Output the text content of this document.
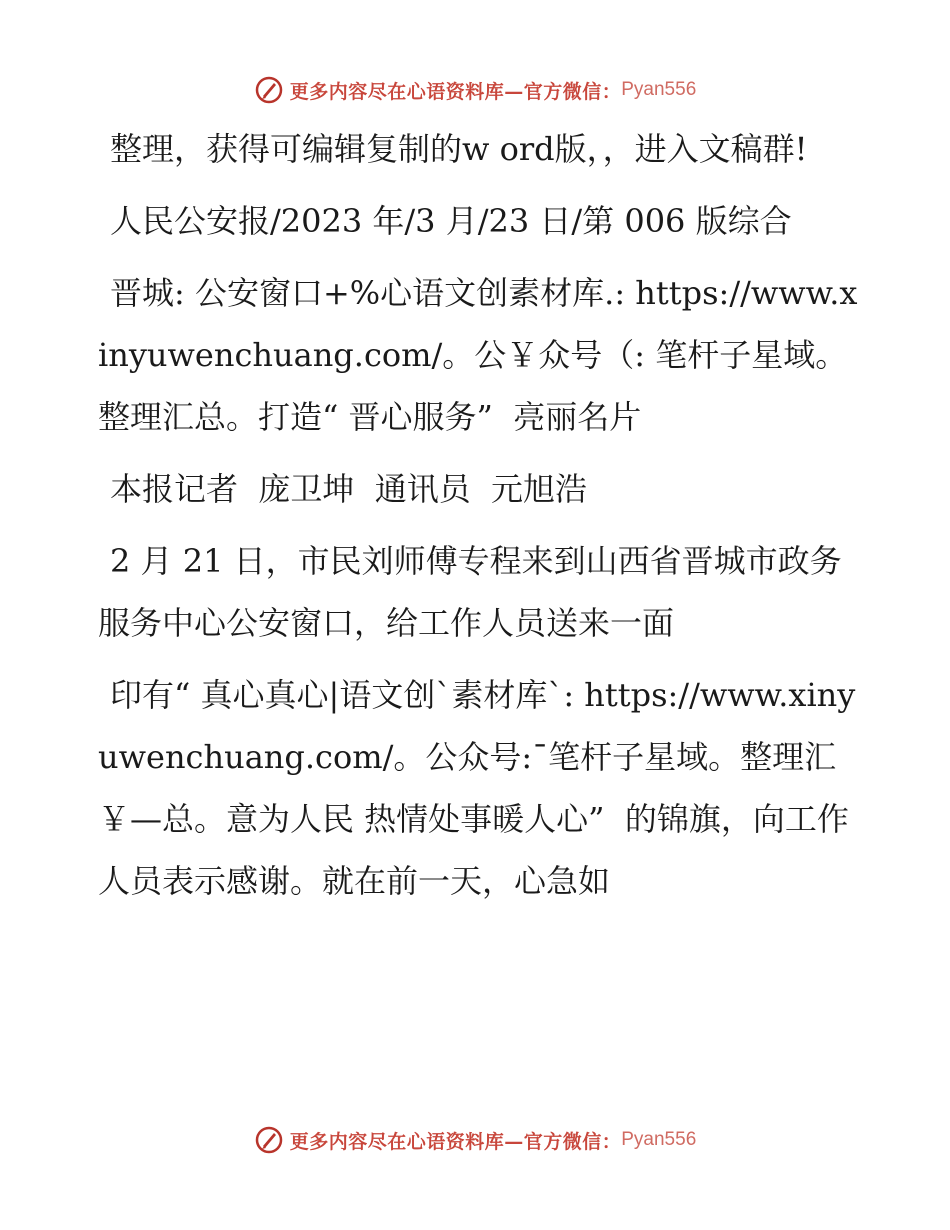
更多内容尽在心语资料库—官方微信： Pyan556

整理，获得可编辑复制的w ord版，，进入文稿群!

人民公安报/2023 年/3 月/23 日/第 006 版综合

晋城: 公安窗口+%心语文创素材库.: https://www.xinyuwenchuang.com/。公￥众号（: 笔杆子星域。整理汇总。打造“ 晋心服务”  亮丽名片

本报记者  庞卫坤  通讯员  元旭浩

2 月 21 日，市民刘师傅专程来到山西省晋城市政务服务中心公安窗口，给工作人员送来一面

印有“ 真心真心|语文创`素材库`: https://www.xinyuwenchuang.com/。公众号:¯笔杆子星域。整理汇￥—总。意为人民 热情处事暖人心”  的锦旗，向工作人员表示感谢。就在前一天，心急如

更多内容尽在心语资料库—官方微信： Pyan556
